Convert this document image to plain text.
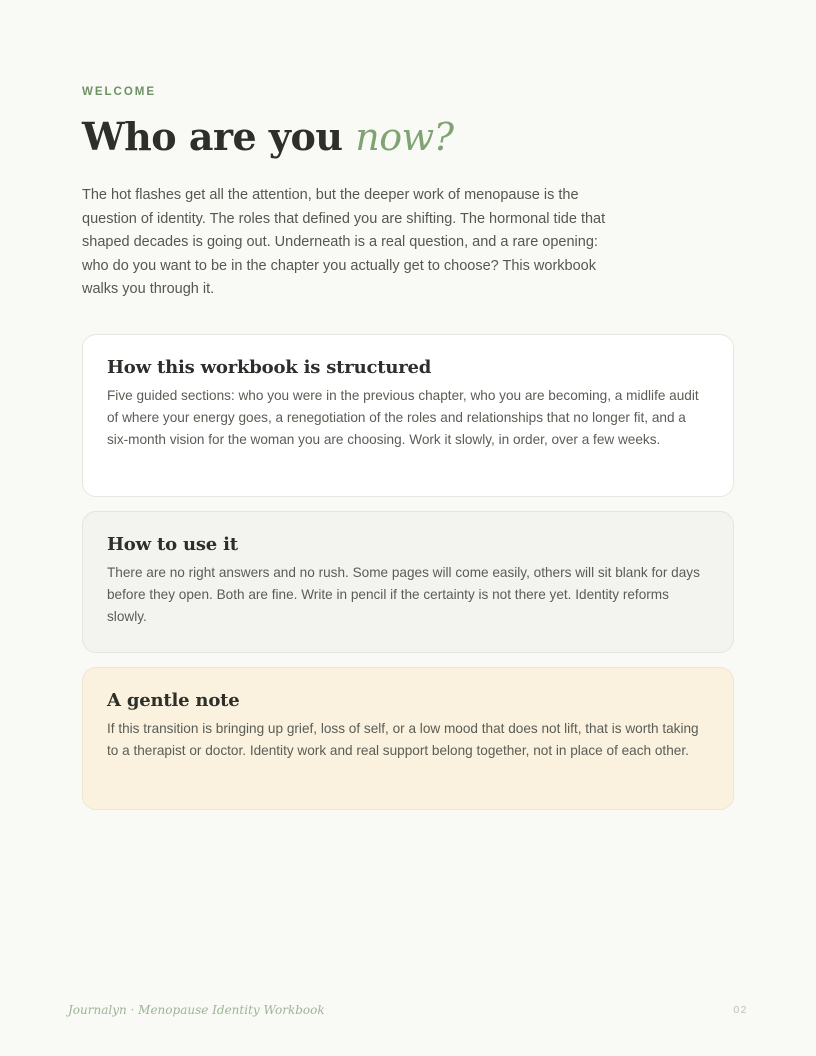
WELCOME
Who are you now?

The hot flashes get all the attention, but the deeper work of menopause is the question of identity. The roles that defined you are shifting. The hormonal tide that shaped decades is going out. Underneath is a real question, and a rare opening: who do you want to be in the chapter you actually get to choose? This workbook walks you through it.

How this workbook is structured

Five guided sections: who you were in the previous chapter, who you are becoming, a midlife audit of where your energy goes, a renegotiation of the roles and relationships that no longer fit, and a six-month vision for the woman you are choosing. Work it slowly, in order, over a few weeks.

How to use it

There are no right answers and no rush. Some pages will come easily, others will sit blank for days before they open. Both are fine. Write in pencil if the certainty is not there yet. Identity reforms slowly.

A gentle note

If this transition is bringing up grief, loss of self, or a low mood that does not lift, that is worth taking to a therapist or doctor. Identity work and real support belong together, not in place of each other.

Journalyn · Menopause Identity Workbook	02
